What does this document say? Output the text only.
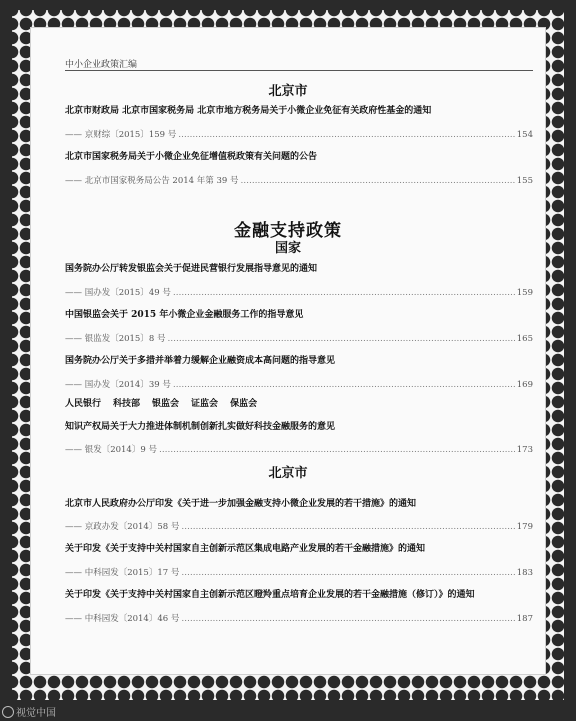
中小企业政策汇编
北京市
北京市财政局 北京市国家税务局 北京市地方税务局关于小微企业免征有关政府性基金的通知
—— 京财综〔2015〕159 号 …………………………………………………………………………………………………………………………………………………………………………………………………………………………	154
北京市国家税务局关于小微企业免征增值税政策有关问题的公告
—— 北京市国家税务局公告 2014 年第 39 号 …………………………………………………………………………………………………………………………………………………………………………………………………………………………	155
金融支持政策
国家
国务院办公厅转发银监会关于促进民营银行发展指导意见的通知
—— 国办发〔2015〕49 号 …………………………………………………………………………………………………………………………………………………………………………………………………………………………	159
中国银监会关于 2015 年小微企业金融服务工作的指导意见
—— 银监发〔2015〕8 号 …………………………………………………………………………………………………………………………………………………………………………………………………………………………	165
国务院办公厅关于多措并举着力缓解企业融资成本高问题的指导意见
—— 国办发〔2014〕39 号 …………………………………………………………………………………………………………………………………………………………………………………………………………………………	169
人民银行 科技部 银监会 证监会 保监会
知识产权局关于大力推进体制机制创新扎实做好科技金融服务的意见
—— 银发〔2014〕9 号 …………………………………………………………………………………………………………………………………………………………………………………………………………………………	173
北京市
北京市人民政府办公厅印发《关于进一步加强金融支持小微企业发展的若干措施》的通知
—— 京政办发〔2014〕58 号 …………………………………………………………………………………………………………………………………………………………………………………………………………………………	179
关于印发《关于支持中关村国家自主创新示范区集成电路产业发展的若干金融措施》的通知
—— 中科园发〔2015〕17 号 …………………………………………………………………………………………………………………………………………………………………………………………………………………………	183
关于印发《关于支持中关村国家自主创新示范区瞪羚重点培育企业发展的若干金融措施（修订）》的通知
—— 中科园发〔2014〕46 号 …………………………………………………………………………………………………………………………………………………………………………………………………………………………	187
视觉中国
